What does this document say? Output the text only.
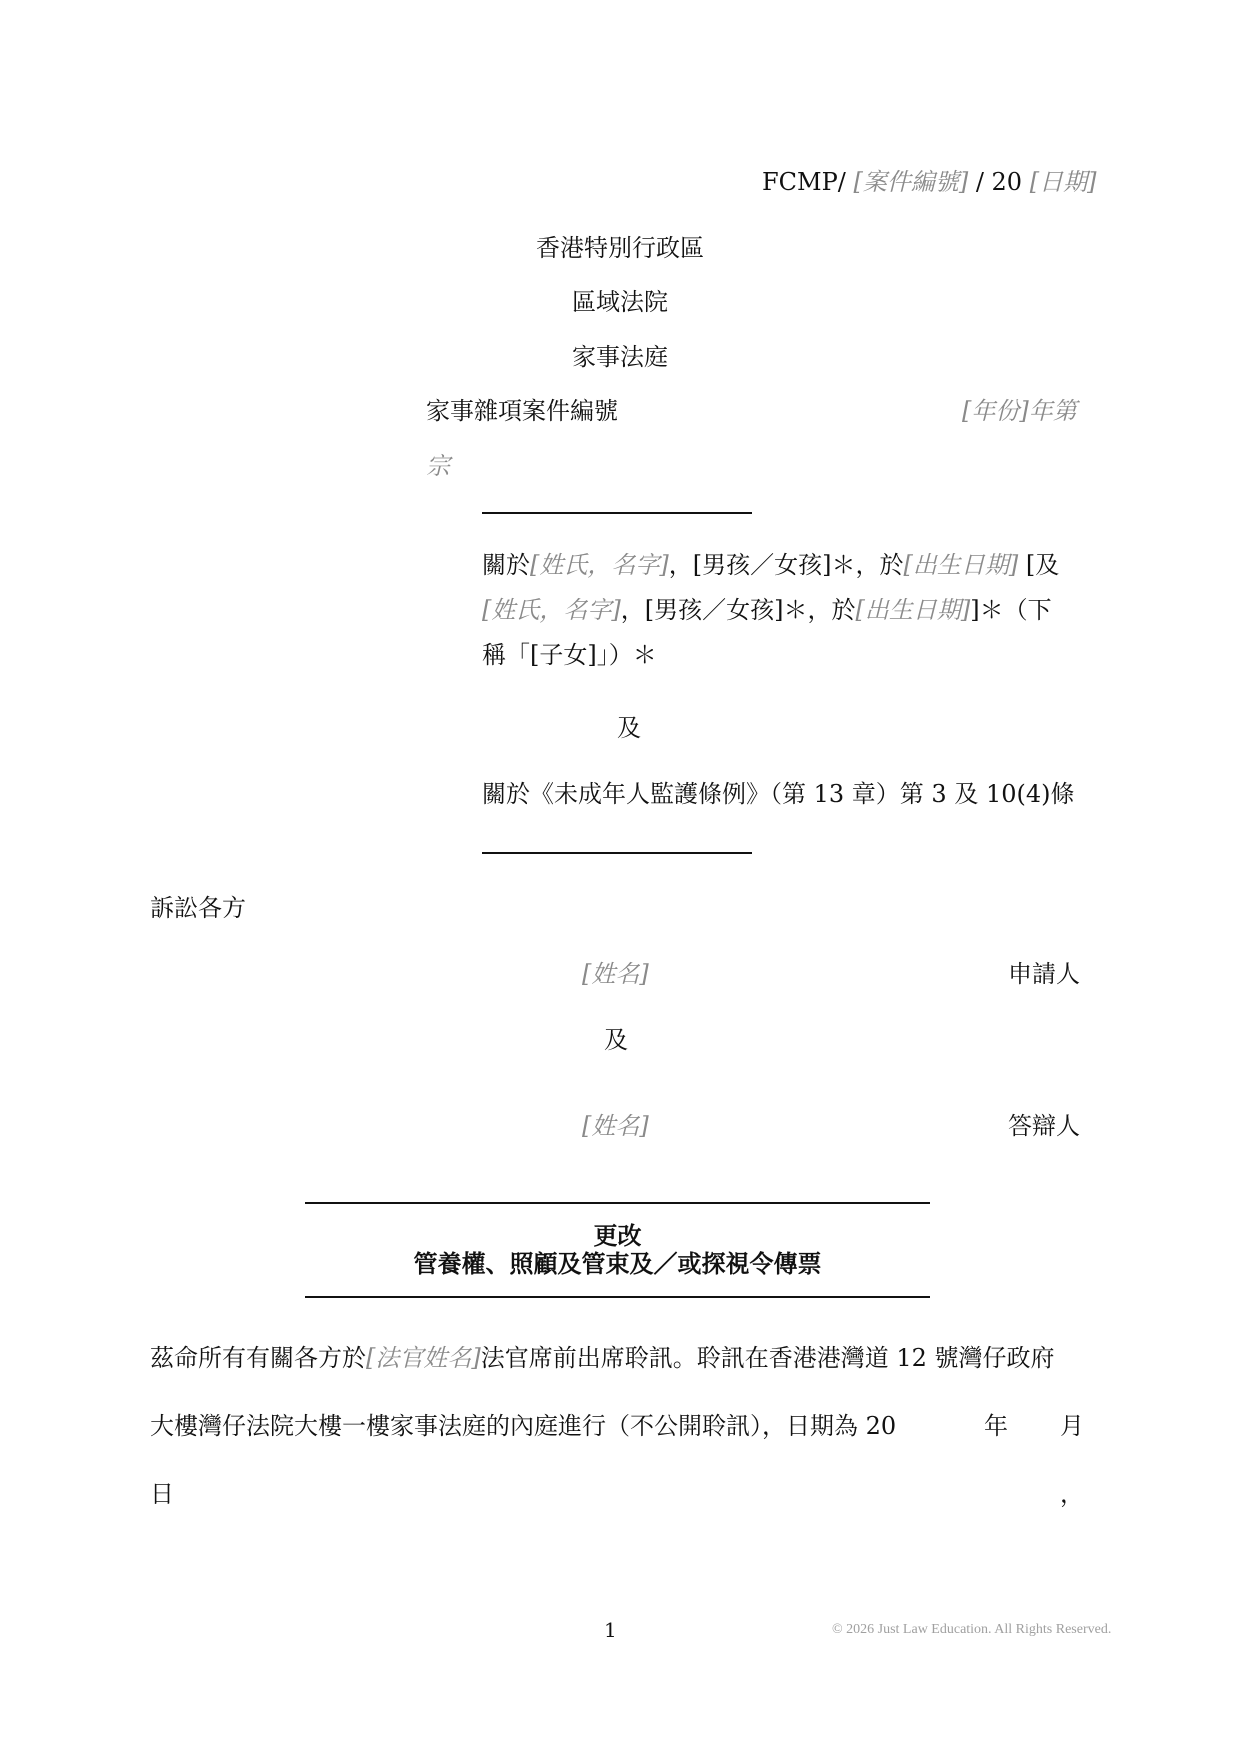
FCMP/ [案件編號] / 20 [日期]
香港特別行政區
區域法院
家事法庭
家事雜項案件編號	[年份]年第
宗
關於[姓氏，名字]，[男孩／女孩]＊，於[出生日期] [及
[姓氏，名字]，[男孩／女孩]＊，於[出生日期]]＊（下
稱「[子女]」）＊
及
關於《未成年人監護條例》（第 13 章）第 3 及 10(4)條
訴訟各方
[姓名]	申請人
及
[姓名]	答辯人
更改
管養權、照顧及管束及／或探視令傳票
茲命所有有關各方於[法官姓名]法官席前出席聆訊。聆訊在香港港灣道 12 號灣仔政府
大樓灣仔法院大樓一樓家事法庭的內庭進行（不公開聆訊），日期為 20	年 月
日	，
1	© 2026 Just Law Education. All Rights Reserved.
